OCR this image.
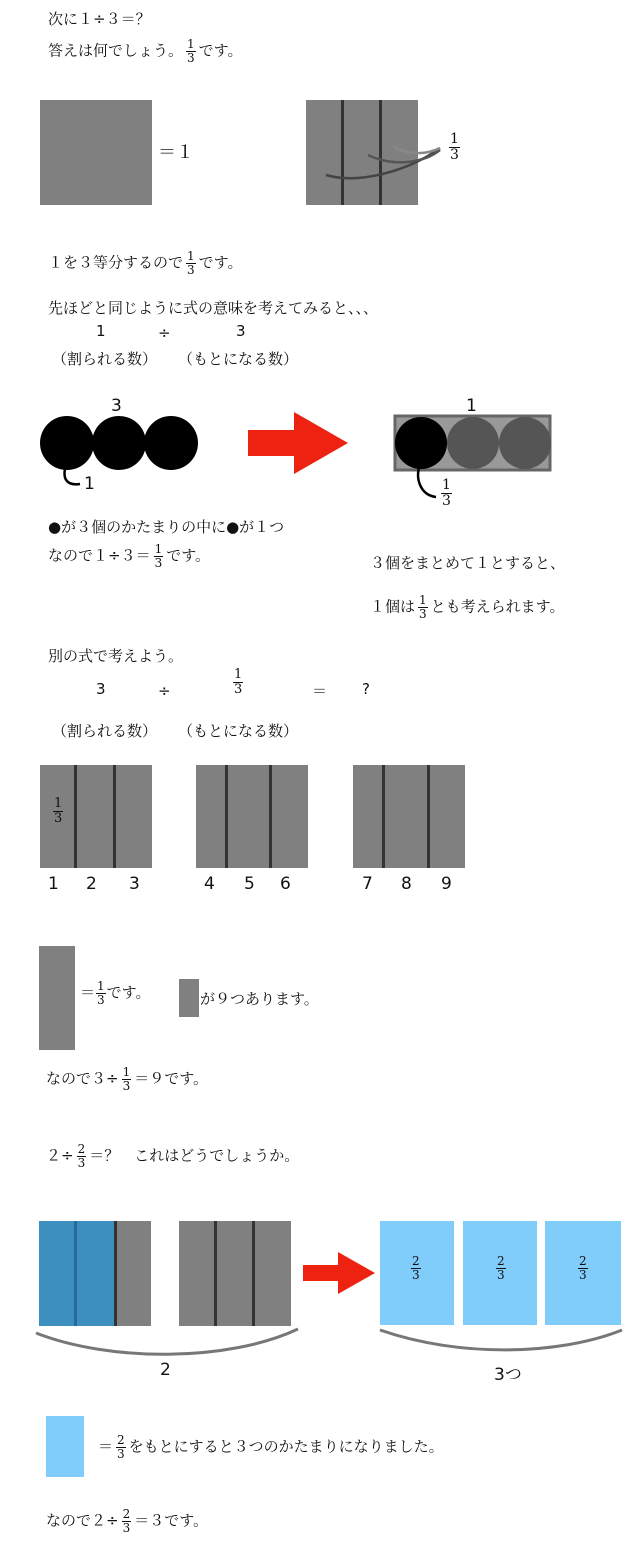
次に１÷３＝？
答えは何でしょう。 $\frac{1}{3}$ です。
＝１	$\frac{1}{3}$
１を３等分するので $\frac{1}{3}$ です。
先ほどと同じように式の意味を考えてみると、、、
1	÷	3
（割られる数） （もとになる数）
3
1
1
$\frac{1}{3}$
●が３個のかたまりの中に●が１つ
なので$1\div 3= \frac{1}{3}$ です。	３個をまとめて１とすると、
１個は $\frac{1}{3}$ とも考えられます。
別の式で考えよう。
3	÷	$\frac{1}{3}$	＝ ?
（割られる数） （もとになる数）
$\frac{1}{3}$
1 2 3	4 5 6	7 8 9
＝ $\frac{1}{3}$ です。	が９つあります。
なので$3\div \frac{1}{3} =9$です。
$2\div \frac{2}{3}$ ＝？　これはどうでしょうか。
$\frac{2}{3}$	$\frac{2}{3}$	$\frac{2}{3}$
2	3つ
＝ $\frac{2}{3}$ をもとにすると３つのかたまりになりました。
なので$2\div \frac{2}{3} =3$です。
